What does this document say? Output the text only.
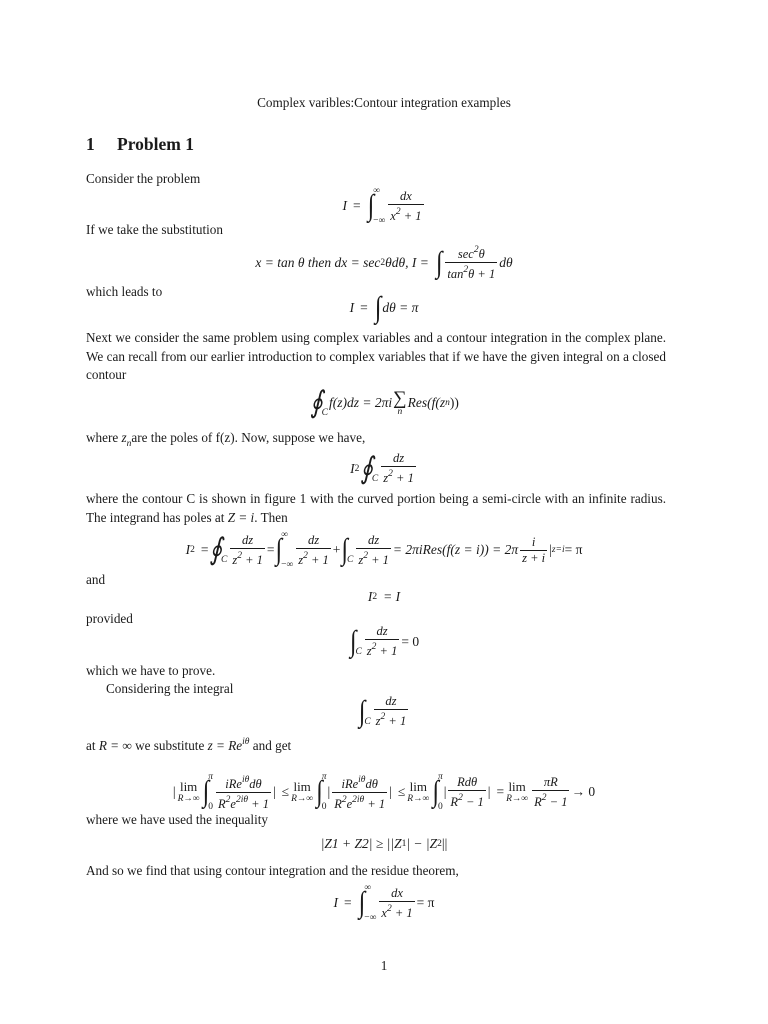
Complex varibles:Contour integration examples
1 Problem 1
Consider the problem
I = ∫ ∞
−∞ $\frac{dx}{x^2 + 1}$
If we take the substitution
x = tan θ then dx = sec 2 θdθ, I = ∫ $\frac{\sec^2\theta}{\tan^2\theta + 1}$ dθ
which leads to
I = ∫ dθ = π
Next we consider the same problem using complex variables and a contour integration in the complex plane. We can recall from our earlier introduction to complex variables that if we have the given integral on a closed contour
∮ C
f(z)dz = 2πi ∑
n
Res(f(z n ))
where $z_nare$ the poles of f(z). Now, suppose we have,
I 2 ∮ C $\frac{dz}{z^2 + 1}$
where the contour C is shown in figure 1 with the curved portion being a semi-circle with an infinite radius. The integrand has poles at Z = i. Then
I 2 = ∮ C $\frac{dz}{z^2 + 1}$ = ∫ ∞
−∞ $\frac{dz}{z^2 + 1}$ + ∫ C $\frac{dz}{z^2 + 1}$ = 2πiRes(f(z = $i)) = 2\pi \frac{i}{z + i}$ | z=i = π
and
I 2 = I
provided
∫ C $\frac{dz}{z^2 + 1} = 0$
which we have to prove.
Considering the integral
∫ C $\frac{dz}{z^2 + 1}$
at R = ∞ we substitute $z = Re^{i\theta}$ and get
| lim
R→∞ ∫ π
$0 \frac{iRe^{i\theta}d\theta}{R^2e^{2i\theta} + 1}$ | ≤ lim
R→∞ ∫ π
0
| $\frac{iRe^{i\theta}d\theta}{R^2e^{2i\theta} + 1}$ | ≤ lim
R→∞ ∫ π
0
| $\frac{\text{Rdθ}}{R^2 - 1}$ | = lim
$R\to\infty \frac{\pi R}{R^2 - 1} \to 0$
where we have used the inequality
|Z1 + Z2| ≥ ||Z 1 | − |Z 2 ||
And so we find that using contour integration and the residue theorem,
I = ∫ ∞
−∞ $\frac{dx}{x^2 + 1} = \pi$
1
